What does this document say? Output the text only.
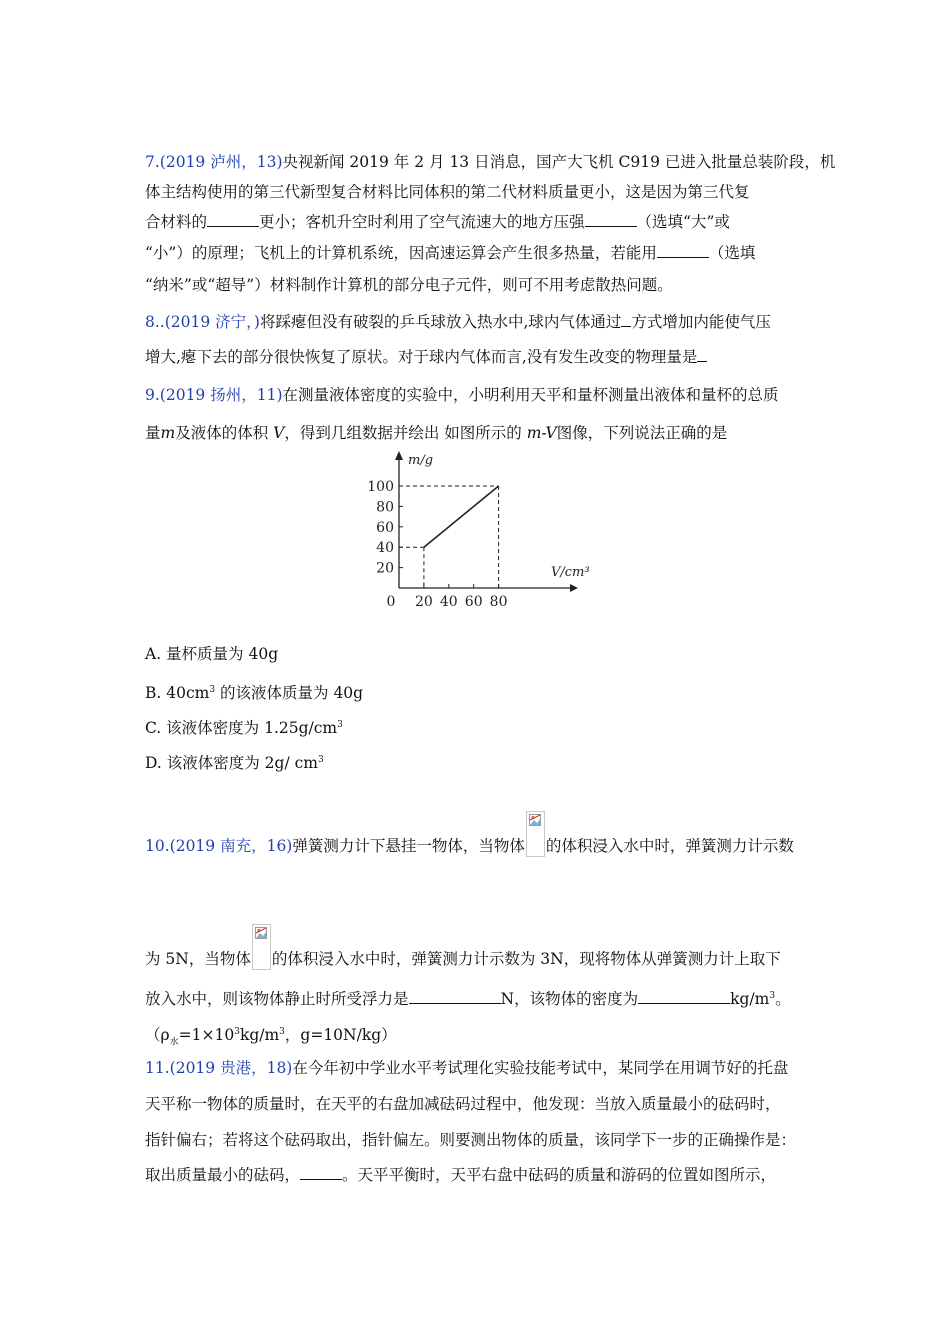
7.(2019 泸州，13)央视新闻 2019 年 2 月 13 日消息，国产大飞机 C919 已进入批量总装阶段，机
体主结构使用的第三代新型复合材料比同体积的第二代材料质量更小，这是因为第三代复
合材料的	更小；客机升空时利用了空气流速大的地方压强	（选填“大”或
“小”）的原理；飞机上的计算机系统，因高速运算会产生很多热量，若能用	（选填
“纳米”或“超导”）材料制作计算机的部分电子元件，则可不用考虑散热问题。
8..(2019 济宁，)将踩瘪但没有破裂的乒乓球放入热水中,球内气体通过 方式增加内能使气压
增大,瘪下去的部分很快恢复了原状。对于球内气体而言,没有发生改变的物理量是
9.(2019 扬州，11)在测量液体密度的实验中，小明利用天平和量杯测量出液体和量杯的总质
量m及液体的体积 V，得到几组数据并绘出 如图所示的 m-V图像，下列说法正确的是
20
40
60
80
100
0 20 40 60 80
m/g
V/cm³
A. 量杯质量为 40g
B. $40cm^3$ 的该液体质量为 40g
C. 该液体密度为 $1.25g/cm^3$
D. 该液体密度为 2g/ $cm^3$
10.(2019 南充，16)弹簧测力计下悬挂一物体，当物体 的体积浸入水中时，弹簧测力计示数
为 5N，当物体 的体积浸入水中时，弹簧测力计示数为 3N，现将物体从弹簧测力计上取下
放入水中，则该物体静止时所受浮力是	N，该物体的密度为	$kg/m^3$。
（$\rho_水=1\times 10^3kg/m^3$，g=10N/kg）
11.(2019 贵港，18)在今年初中学业水平考试理化实验技能考试中，某同学在用调节好的托盘
天平称一物体的质量时，在天平的右盘加减砝码过程中，他发现：当放入质量最小的砝码时，
指针偏右；若将这个砝码取出，指针偏左。则要测出物体的质量，该同学下一步的正确操作是：
取出质量最小的砝码，	。天平平衡时，天平右盘中砝码的质量和游码的位置如图所示，
